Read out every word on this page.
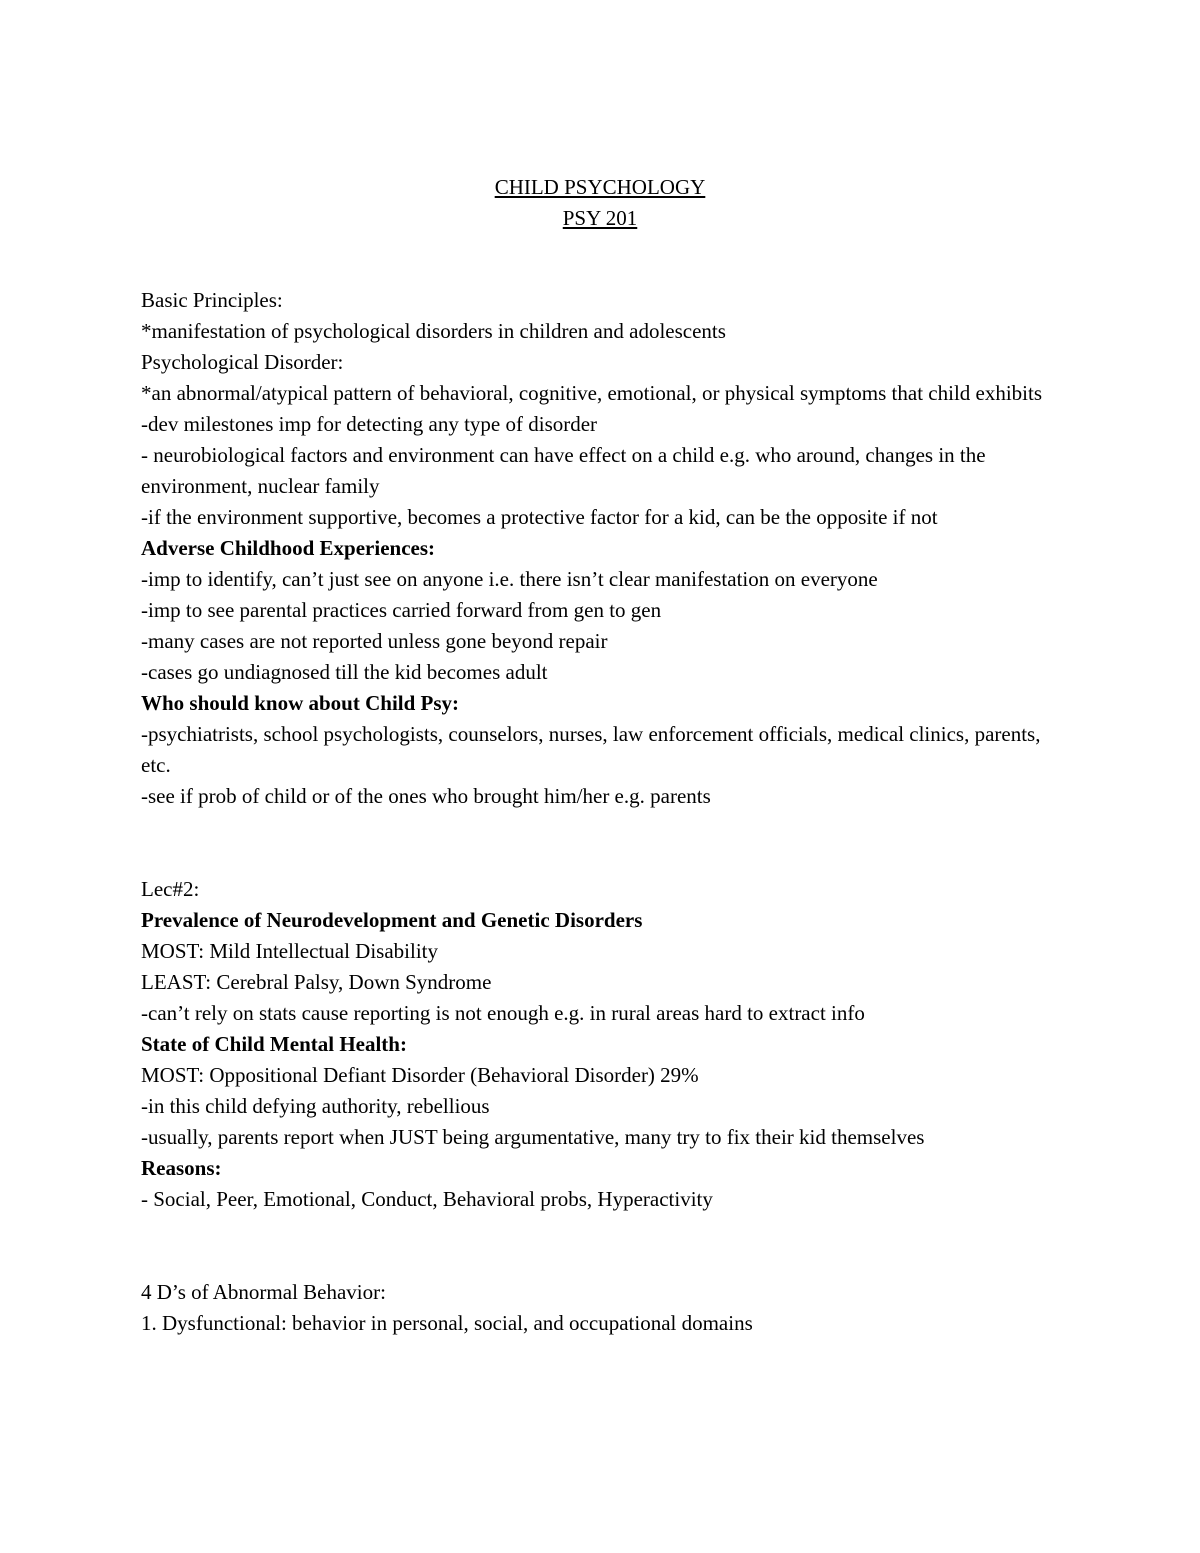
CHILD PSYCHOLOGY
PSY 201

Basic Principles:

*manifestation of psychological disorders in children and adolescents

Psychological Disorder:

*an abnormal/atypical pattern of behavioral, cognitive, emotional, or physical symptoms that child exhibits

-dev milestones imp for detecting any type of disorder

- neurobiological factors and environment can have effect on a child e.g. who around, changes in the environment, nuclear family

-if the environment supportive, becomes a protective factor for a kid, can be the opposite if not

Adverse Childhood Experiences:

-imp to identify, can’t just see on anyone i.e. there isn’t clear manifestation on everyone

-imp to see parental practices carried forward from gen to gen

-many cases are not reported unless gone beyond repair

-cases go undiagnosed till the kid becomes adult

Who should know about Child Psy:

-psychiatrists, school psychologists, counselors, nurses, law enforcement officials, medical clinics, parents, etc.

-see if prob of child or of the ones who brought him/her e.g. parents

Lec#2:

Prevalence of Neurodevelopment and Genetic Disorders

MOST: Mild Intellectual Disability

LEAST: Cerebral Palsy, Down Syndrome

-can’t rely on stats cause reporting is not enough e.g. in rural areas hard to extract info

State of Child Mental Health:

MOST: Oppositional Defiant Disorder (Behavioral Disorder) 29%

-in this child defying authority, rebellious

-usually, parents report when JUST being argumentative, many try to fix their kid themselves

Reasons:

- Social, Peer, Emotional, Conduct, Behavioral probs, Hyperactivity

4 D’s of Abnormal Behavior:

1. Dysfunctional: behavior in personal, social, and occupational domains
